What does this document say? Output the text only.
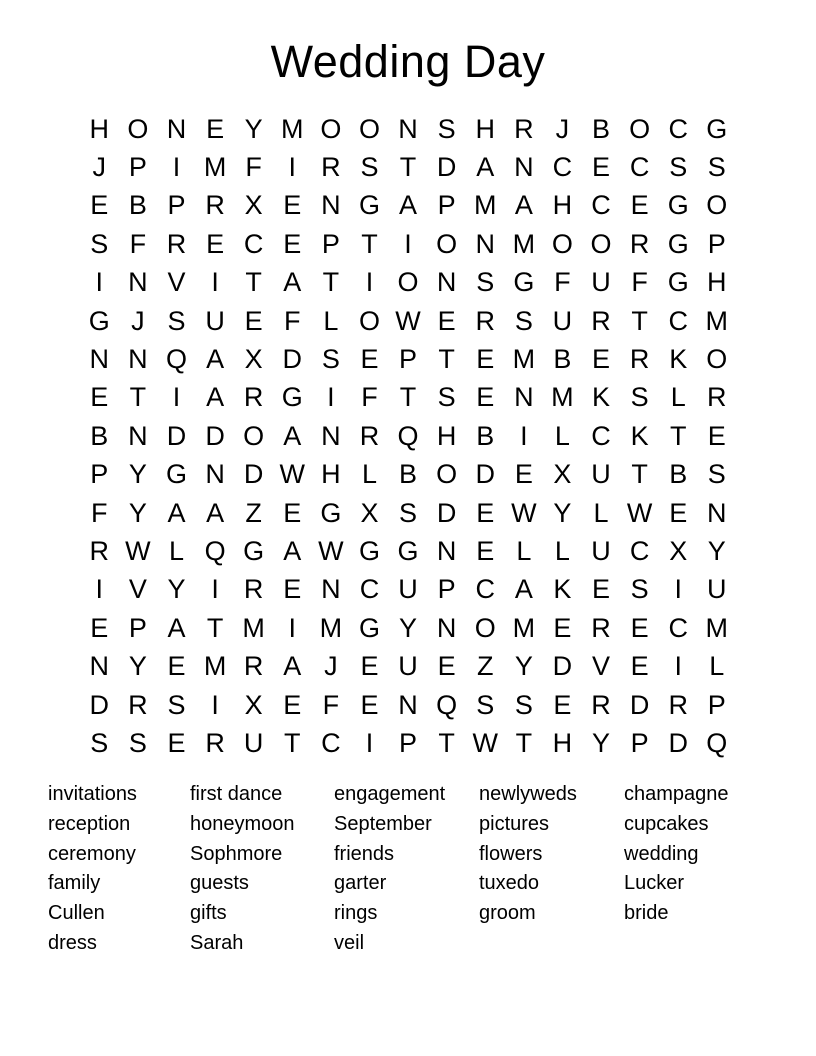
Wedding Day
H O N E Y M O O N S H R J B O C G
J P I M F I R S T D A N C E C S S
E B P R X E N G A P M A H C E G O
S F R E C E P T I O N M O O R G P
I N V I T A T I O N S G F U F G H
G J S U E F L O W E R S U R T C M
N N Q A X D S E P T E M B E R K O
E T I A R G I F T S E N M K S L R
B N D D O A N R Q H B I	L C K T E
P Y G N D W H L B O D E X U T B S
F Y A A Z E G X S D E W Y L W E N
R W L Q G A W G G N E L L U C X Y
I V Y I R E N C U P C A K E S I U
E P A T M I M G Y N O M E R E C M
N Y E M R A J E U E Z Y D V E I	L
D R S I X E F E N Q S S E R D R P
S S E R U T C I P T W T H Y P D Q
invitations
reception
ceremony
family
Cullen
dress
first dance
honeymoon
Sophmore
guests
gifts
Sarah
engagement
September
friends
garter
rings
veil
newlyweds
pictures
flowers
tuxedo
groom
champagne
cupcakes
wedding
Lucker
bride
